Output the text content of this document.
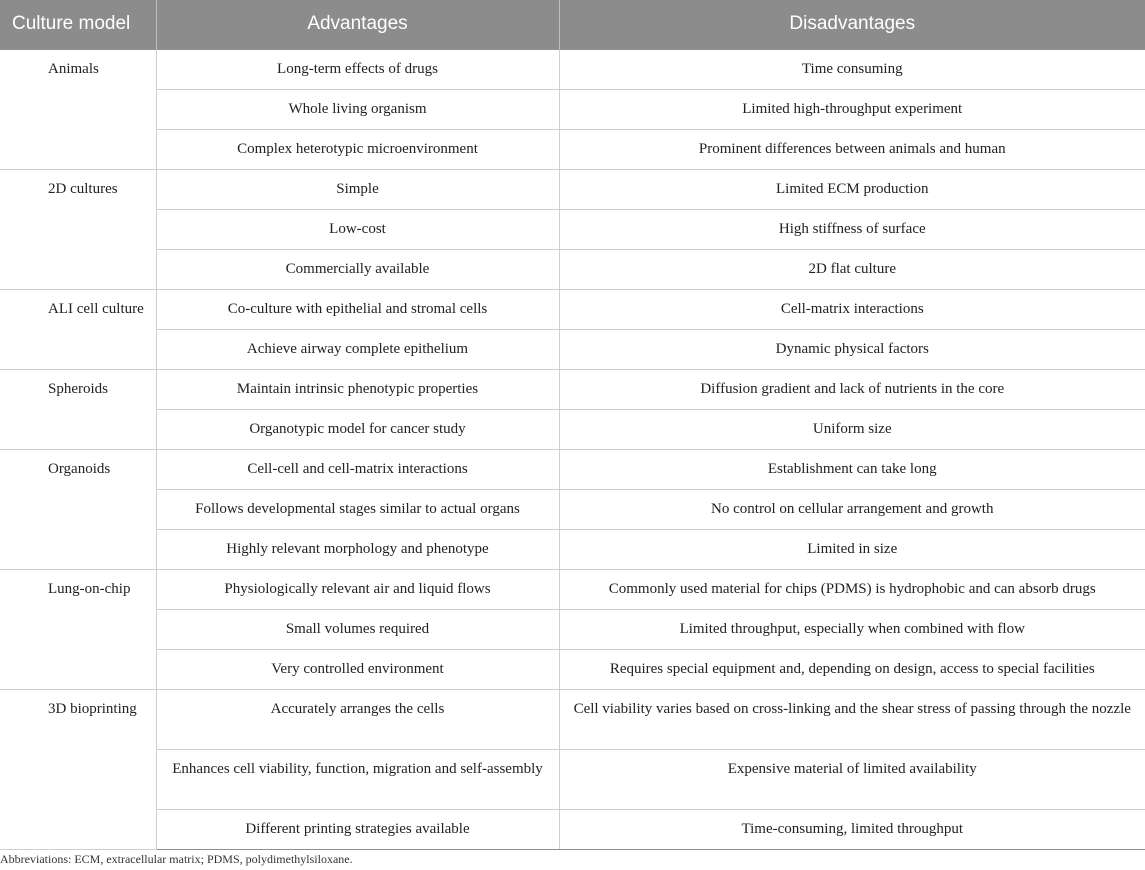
Culture model	Advantages	Disadvantages
Animals	Long-term effects of drugs	Time consuming
	Whole living organism	Limited high-throughput experiment
	Complex heterotypic microenvironment	Prominent differences between animals and human
2D cultures	Simple	Limited ECM production
	Low-cost	High stiffness of surface
	Commercially available	2D flat culture
ALI cell culture	Co-culture with epithelial and stromal cells	Cell-matrix interactions
	Achieve airway complete epithelium	Dynamic physical factors
Spheroids	Maintain intrinsic phenotypic properties	Diffusion gradient and lack of nutrients in the core
	Organotypic model for cancer study	Uniform size
Organoids	Cell-cell and cell-matrix interactions	Establishment can take long
	Follows developmental stages similar to actual organs	No control on cellular arrangement and growth
	Highly relevant morphology and phenotype	Limited in size
Lung-on-chip	Physiologically relevant air and liquid flows	Commonly used material for chips (PDMS) is hydrophobic and can absorb drugs
	Small volumes required	Limited throughput, especially when combined with flow
	Very controlled environment	Requires special equipment and, depending on design, access to special facilities
3D bioprinting	Accurately arranges the cells	Cell viability varies based on cross-linking and the shear stress of passing through the nozzle
	Enhances cell viability, function, migration and self-assembly	Expensive material of limited availability
	Different printing strategies available	Time-consuming, limited throughput
Abbreviations: ECM, extracellular matrix; PDMS, polydimethylsiloxane.
